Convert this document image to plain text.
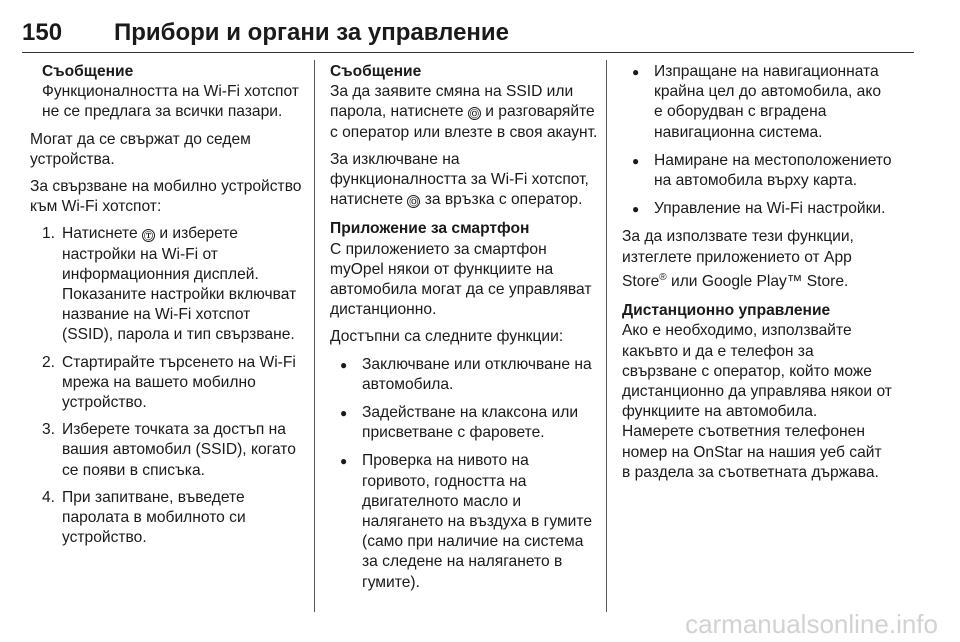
150 Прибори и органи за управление

Съобщение

Функционалността на Wi-Fi хотспот не се предлага за всички пазари.

Могат да се свържат до седем устройства.

За свързване на мобилно устройство към Wi-Fi хотспот:

1. Натиснете Ⓣ и изберете настройки на Wi-Fi от информационния дисплей. Показаните настройки включват название на Wi-Fi хотспот (SSID), парола и тип свързване.
2. Стартирайте търсенето на Wi-Fi мрежа на вашето мобилно устройство.
3. Изберете точката за достъп на вашия автомобил (SSID), когато се появи в списъка.
4. При запитване, въведете паролата в мобилното си устройство.

Съобщение

За да заявите смяна на SSID или парола, натиснете Ⓞ и разговаряйте с оператор или влезте в своя акаунт.

За изключване на функционалността за Wi-Fi хотспот, натиснете Ⓞ за връзка с оператор.

Приложение за смартфон

С приложението за смартфон myOpel някои от функциите на автомобила могат да се управляват дистанционно.

Достъпни са следните функции:

● Заключване или отключване на автомобила.
● Задействане на клаксона или присветване с фаровете.
● Проверка на нивото на горивото, годността на двигателното масло и налягането на въздуха в гумите (само при наличие на система за следене на налягането в гумите).
● Изпращане на навигационната крайна цел до автомобила, ако е оборудван с вградена навигационна система.
● Намиране на местоположението на автомобила върху карта.
● Управление на Wi-Fi настройки.

За да използвате тези функции, изтеглете приложението от App Store® или Google Play™ Store.

Дистанционно управление

Ако е необходимо, използвайте какъвто и да е телефон за свързване с оператор, който може дистанционно да управлява някои от функциите на автомобила. Намерете съответния телефонен номер на OnStar на нашия уеб сайт в раздела за съответната държава.

carmanualsonline.info
